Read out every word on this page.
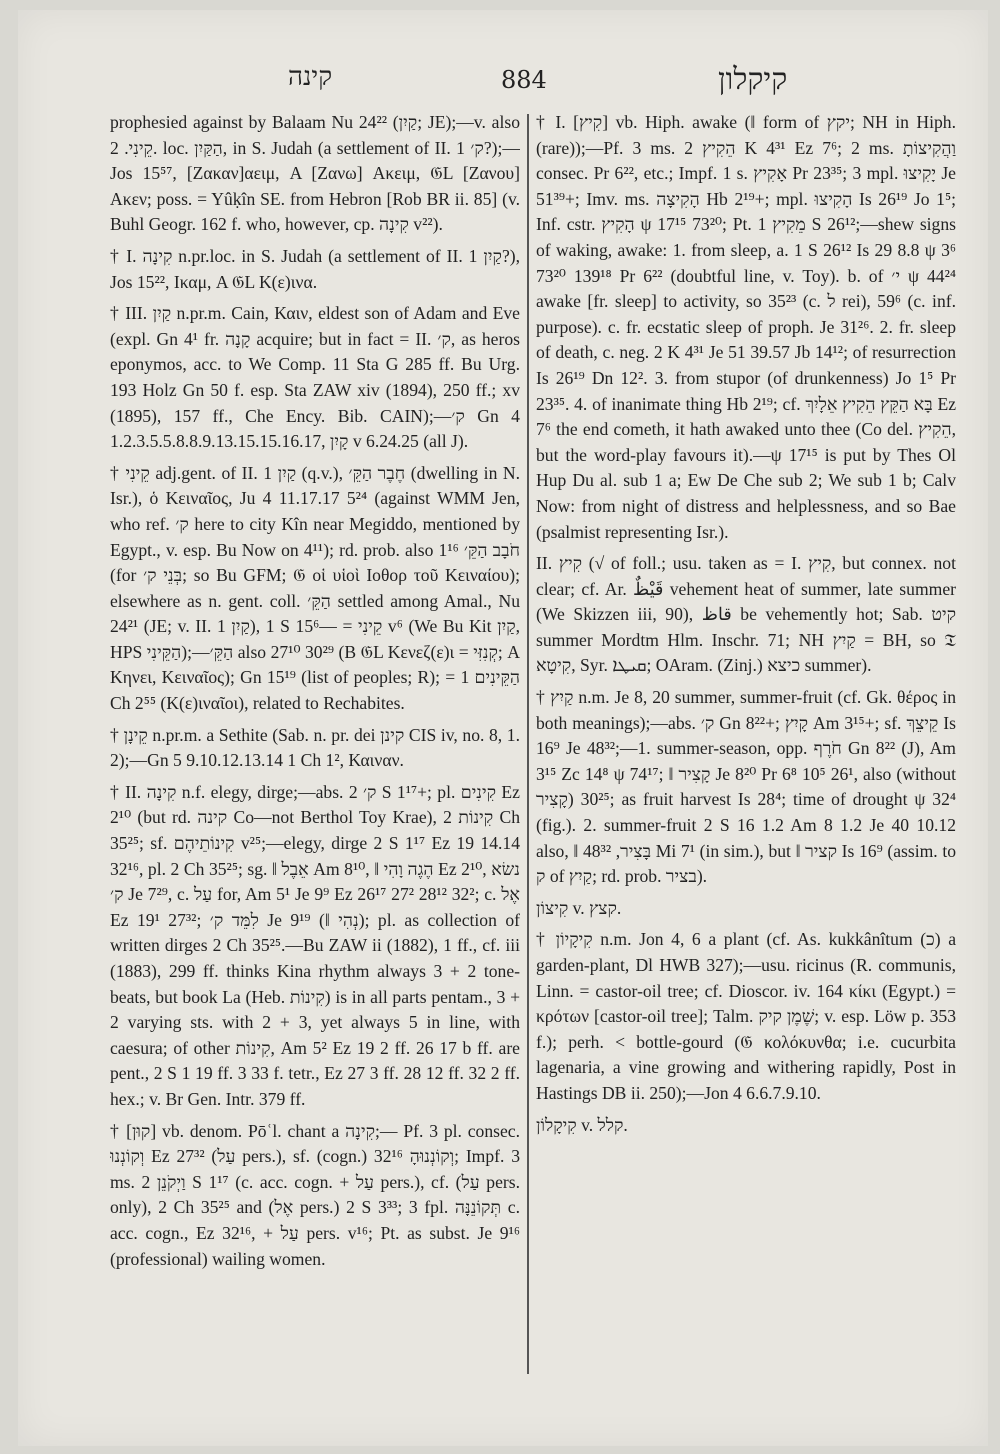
קינה	884	קיקלון

prophesied against by Balaam Nu 24²² (קַיִן; JE);—v. also קֵינִי. 2. loc. הַקַּיִן, in S. Judah (a settlement of II. ק׳ 1?);—Jos 15⁵⁷, [Ζακαν]αειμ, A [Ζανω] Ακειμ, 𝔊L [Ζανου] Ακεν; poss. = Yûḳîn SE. from Hebron [Rob BR ii. 85] (v. Buhl Geogr. 162 f. who, however, cp. קִינָה v²²).

† I. קִינָה n.pr.loc. in S. Judah (a settlement of II. קַיִן 1?), Jos 15²², Ικαμ, A 𝔊L Κ(ε)ινα.

† III. קַיִן n.pr.m. Cain, Καιν, eldest son of Adam and Eve (expl. Gn 4¹ fr. קָנָה acquire; but in fact = II. ק׳, as heros eponymos, acc. to We Comp. 11 Sta G 285 ff. Bu Urg. 193 Holz Gn 50 f. esp. Sta ZAW xiv (1894), 250 ff.; xv (1895), 157 ff., Che Ency. Bib. CAIN);—ק׳ Gn 4 1.2.3.5.5.8.8.9.13.15.15.16.17, קָיִן v 6.24.25 (all J).

† קֵינִי adj.gent. of II. קַיִן 1 (q.v.), חֶבֶר הַקֵּ׳ (dwelling in N. Isr.), ὁ Κειναῖος, Ju 4 11.17.17 5²⁴ (against WMM Jen, who ref. ק׳ here to city Kîn near Megiddo, mentioned by Egypt., v. esp. Bu Now on 4¹¹); rd. prob. also חֹבָב הַקֵּ׳ 1¹⁶ (for בְּנֵי ק׳; so Bu GFM; 𝔊 οἱ υἱοὶ Ιοθορ τοῦ Κειναίου); elsewhere as n. gent. coll. הַקֵּ׳ settled among Amal., Nu 24²¹ (JE; v. II. קַיִן 1), 1 S 15⁶— = קֵינִי v⁶ (We Bu Kit קַיִן, HPS הַקֵּינִי);—הַקֵּ׳ also 27¹⁰ 30²⁹ (B 𝔊L Κενεζ(ε)ι = קְנִזִּי; A Κηνει, Κειναῖος); Gn 15¹⁹ (list of peoples; R); = הַקֵּינִים 1 Ch 2⁵⁵ (Κ(ε)ιναῖοι), related to Rechabites.

† קֵינָן n.pr.m. a Sethite (Sab. n. pr. dei קינן CIS iv, no. 8, 1. 2);—Gn 5 9.10.12.13.14 1 Ch 1², Καιναν.

† II. קִינָה n.f. elegy, dirge;—abs. ק׳ 2 S 1¹⁷+; pl. קִינִים Ez 2¹⁰ (but rd. קינה Co—not Berthol Toy Krae), קִינוֹת 2 Ch 35²⁵; sf. קִינוֹתֵיהֶם v²⁵;—elegy, dirge 2 S 1¹⁷ Ez 19 14.14 32¹⁶, pl. 2 Ch 35²⁵; sg. ‖ אֵבֶל Am 8¹⁰, ‖ הֶגֶה וָהִי Ez 2¹⁰, נשׂא ק׳ Je 7²⁹, c. עַל for, Am 5¹ Je 9⁹ Ez 26¹⁷ 27² 28¹² 32²; c. אֶל Ez 19¹ 27³²; לִמֵּד ק׳ Je 9¹⁹ (‖ נְהִי); pl. as collection of written dirges 2 Ch 35²⁵.—Bu ZAW ii (1882), 1 ff., cf. iii (1883), 299 ff. thinks Kina rhythm always 3 + 2 tone-beats, but book La (Heb. קִינוֹת) is in all parts pentam., 3 + 2 varying sts. with 2 + 3, yet always 5 in line, with caesura; of other קִינוֹת, Am 5² Ez 19 2 ff. 26 17 b ff. are pent., 2 S 1 19 ff. 3 33 f. tetr., Ez 27 3 ff. 28 12 ff. 32 2 ff. hex.; v. Br Gen. Intr. 379 ff.

† [קוּן] vb. denom. Pōʿl. chant a קִינָה;— Pf. 3 pl. consec. וְקוֹנְנוּ Ez 27³² (עַל pers.), sf. (cogn.) וְקוֹנְנוּהָ 32¹⁶; Impf. 3 ms. וַיְקֹנֵן 2 S 1¹⁷ (c. acc. cogn. + עַל pers.), cf. (עַל pers. only), 2 Ch 35²⁵ and (אֶל pers.) 2 S 3³³; 3 fpl. תְּקוֹנֵנָּה c. acc. cogn., Ez 32¹⁶, + עַל pers. v¹⁶; Pt. as subst. Je 9¹⁶ (professional) wailing women.

† I. [קִיץ] vb. Hiph. awake (‖ form of יקץ; NH in Hiph. (rare));—Pf. 3 ms. הֵקִיץ 2 K 4³¹ Ez 7⁶; 2 ms. וַהֲקִיצוֹתָ consec. Pr 6²², etc.; Impf. 1 s. אָקִיץ Pr 23³⁵; 3 mpl. יָקִיצוּ Je 51³⁹+; Imv. ms. הָקִיצָה Hb 2¹⁹+; mpl. הָקִיצוּ Is 26¹⁹ Jo 1⁵; Inf. cstr. הָקִיץ ψ 17¹⁵ 73²⁰; Pt. מֵקִיץ 1 S 26¹²;—shew signs of waking, awake: 1. from sleep, a. 1 S 26¹² Is 29 8.8 ψ 3⁶ 73²⁰ 139¹⁸ Pr 6²² (doubtful line, v. Toy). b. of י׳ ψ 44²⁴ awake [fr. sleep] to activity, so 35²³ (c. ל rei), 59⁶ (c. inf. purpose). c. fr. ecstatic sleep of proph. Je 31²⁶. 2. fr. sleep of death, c. neg. 2 K 4³¹ Je 51 39.57 Jb 14¹²; of resurrection Is 26¹⁹ Dn 12². 3. from stupor (of drunkenness) Jo 1⁵ Pr 23³⁵. 4. of inanimate thing Hb 2¹⁹; cf. בָּא הַקֵּץ הֵקִיץ אֵלָיִךְ Ez 7⁶ the end cometh, it hath awaked unto thee (Co del. הֵקִיץ, but the word-play favours it).—ψ 17¹⁵ is put by Thes Ol Hup Du al. sub 1 a; Ew De Che sub 2; We sub 1 b; Calv Now: from night of distress and helplessness, and so Bae (psalmist representing Isr.).

II. קִיץ (√ of foll.; usu. taken as = I. קִיץ, but connex. not clear; cf. Ar. قَيْظٌ vehement heat of summer, late summer (We Skizzen iii, 90), قاظ be vehemently hot; Sab. קיט summer Mordtm Hlm. Inschr. 71; NH קַיִץ = BH, so 𝔗 קִיטָא, Syr. ܩܝܛܐ; OAram. (Zinj.) כיצא summer).

† קַיִץ n.m. Je 8, 20 summer, summer-fruit (cf. Gk. θέρος in both meanings);—abs. ק׳ Gn 8²²+; קָיִץ Am 3¹⁵+; sf. קֵיצֵךְ Is 16⁹ Je 48³²;—1. summer-season, opp. חֹרֶף Gn 8²² (J), Am 3¹⁵ Zc 14⁸ ψ 74¹⁷; ‖ קָצִיר Je 8²⁰ Pr 6⁸ 10⁵ 26¹, also (without קָצִיר) 30²⁵; as fruit harvest Is 28⁴; time of drought ψ 32⁴ (fig.). 2. summer-fruit 2 S 16 1.2 Am 8 1.2 Je 40 10.12 also, ‖ בָּצִיר, 48³² Mi 7¹ (in sim.), but ‖ קציר Is 16⁹ (assim. to ק of קַיִץ; rd. prob. בציר).

קִיצוֹן v. קצץ.

† קִיקָיוֹן n.m. Jon 4, 6 a plant (cf. As. kukkânîtum (כ) a garden-plant, Dl HWB 327);—usu. ricinus (R. communis, Linn. = castor-oil tree; cf. Dioscor. iv. 164 κίκι (Egypt.) = κρότων [castor-oil tree]; Talm. שֶׁמֶן קיק; v. esp. Löw p. 353 f.); perh. < bottle-gourd (𝔊 κολόκυνθα; i.e. cucurbita lagenaria, a vine growing and withering rapidly, Post in Hastings DB ii. 250);—Jon 4 6.6.7.9.10.

קִיקָלוֹן v. קלל.
